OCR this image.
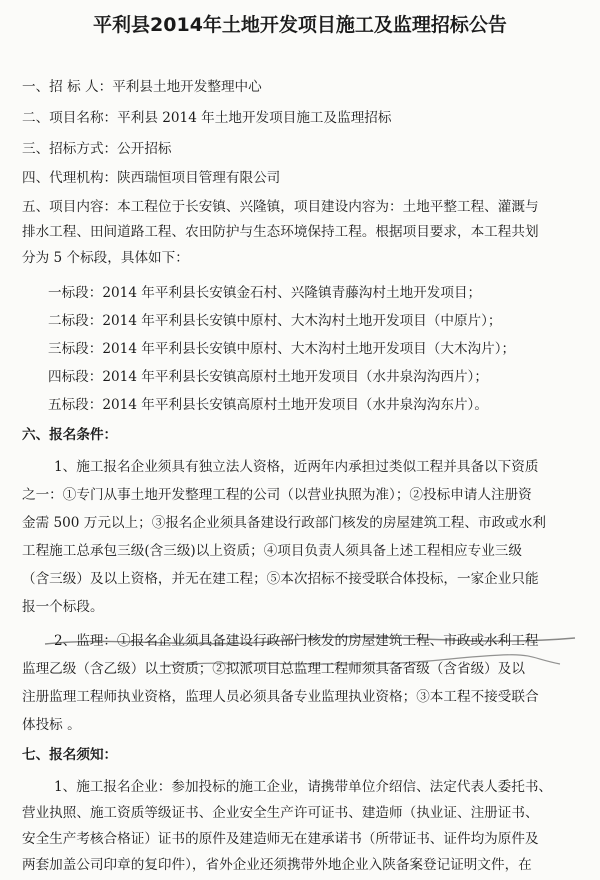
平利县2014年土地开发项目施工及监理招标公告
一、招 标 人：平利县土地开发整理中心
二、项目名称：平利县 2014 年土地开发项目施工及监理招标
三、招标方式：公开招标
四、代理机构：陕西瑞恒项目管理有限公司
五、项目内容：本工程位于长安镇、兴隆镇，项目建设内容为：土地平整工程、灌溉与
排水工程、田间道路工程、农田防护与生态环境保持工程。根据项目要求，本工程共划
分为 5 个标段，具体如下：
一标段：2014 年平利县长安镇金石村、兴隆镇青藤沟村土地开发项目；
二标段：2014 年平利县长安镇中原村、大木沟村土地开发项目（中原片）；
三标段：2014 年平利县长安镇中原村、大木沟村土地开发项目（大木沟片）；
四标段：2014 年平利县长安镇高原村土地开发项目（水井泉沟沟西片）；
五标段：2014 年平利县长安镇高原村土地开发项目（水井泉沟沟东片）。
六、报名条件：
1、施工报名企业须具有独立法人资格，近两年内承担过类似工程并具备以下资质
之一：①专门从事土地开发整理工程的公司（以营业执照为准）；②投标申请人注册资
金需 500 万元以上；③报名企业须具备建设行政部门核发的房屋建筑工程、市政或水利
工程施工总承包三级(含三级)以上资质；④项目负责人须具备上述工程相应专业三级
（含三级）及以上资格，并无在建工程；⑤本次招标不接受联合体投标，一家企业只能
报一个标段。
2、监理：①报名企业须具备建设行政部门核发的房屋建筑工程、市政或水利工程
监理乙级（含乙级）以上资质；②拟派项目总监理工程师须具备省级（含省级）及以
注册监理工程师执业资格，监理人员必须具备专业监理执业资格；③本工程不接受联合
体投标 。
七、报名须知：
1、施工报名企业：参加投标的施工企业，请携带单位介绍信、法定代表人委托书、
营业执照、施工资质等级证书、企业安全生产许可证书、建造师（执业证、注册证书、
安全生产考核合格证）证书的原件及建造师无在建承诺书（所带证书、证件均为原件及
两套加盖公司印章的复印件），省外企业还须携带外地企业入陕备案登记证明文件，在
